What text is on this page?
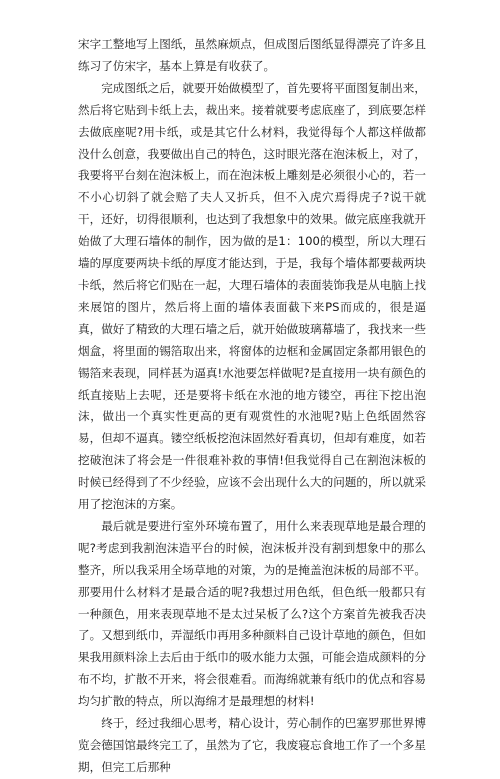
宋字工整地写上图纸，虽然麻烦点，但成图后图纸显得漂亮了许多且练习了仿宋字，基本上算是有收获了。

完成图纸之后，就要开始做模型了，首先要将平面图复制出来，然后将它贴到卡纸上去，裁出来。接着就要考虑底座了，到底要怎样去做底座呢?用卡纸，或是其它什么材料，我觉得每个人都这样做都没什么创意，我要做出自己的特色，这时眼光落在泡沫板上，对了，我要将平台刻在泡沫板上，而在泡沫板上雕刻是必须很小心的，若一不小心切斜了就会赔了夫人又折兵，但不入虎穴焉得虎子?说干就干，还好，切得很顺利，也达到了我想象中的效果。做完底座我就开始做了大理石墙体的制作，因为做的是1：100的模型，所以大理石墙的厚度要两块卡纸的厚度才能达到，于是，我每个墙体都要裁两块卡纸，然后将它们贴在一起，大理石墙体的表面装饰我是从电脑上找来展馆的图片，然后将上面的墙体表面截下来PS而成的，很是逼真，做好了精致的大理石墙之后，就开始做玻璃幕墙了，我找来一些烟盒，将里面的锡箔取出来，将窗体的边框和金属固定条都用银色的锡箔来表现，同样甚为逼真!水池要怎样做呢?是直接用一块有颜色的纸直接贴上去呢，还是要将卡纸在水池的地方镂空，再往下挖出泡沫，做出一个真实性更高的更有观赏性的水池呢?贴上色纸固然容易，但却不逼真。镂空纸板挖泡沫固然好看真切，但却有难度，如若挖破泡沫了将会是一件很难补救的事情!但我觉得自己在割泡沫板的时候已经得到了不少经验，应该不会出现什么大的问题的，所以就采用了挖泡沫的方案。

最后就是要进行室外环境布置了，用什么来表现草地是最合理的呢?考虑到我割泡沫造平台的时候，泡沫板并没有割到想象中的那么整齐，所以我采用全场草地的对策，为的是掩盖泡沫板的局部不平。那要用什么材料才是最合适的呢?我想过用色纸，但色纸一般都只有一种颜色，用来表现草地不是太过呆板了么?这个方案首先被我否决了。又想到纸巾，弄湿纸巾再用多种颜料自己设计草地的颜色，但如果我用颜料涂上去后由于纸巾的吸水能力太强，可能会造成颜料的分布不均，扩散不开来，将会很难看。而海绵就兼有纸巾的优点和容易均匀扩散的特点，所以海绵才是最理想的材料!

终于，经过我细心思考，精心设计，劳心制作的巴塞罗那世界博览会德国馆最终完工了，虽然为了它，我废寝忘食地工作了一个多星期，但完工后那种
